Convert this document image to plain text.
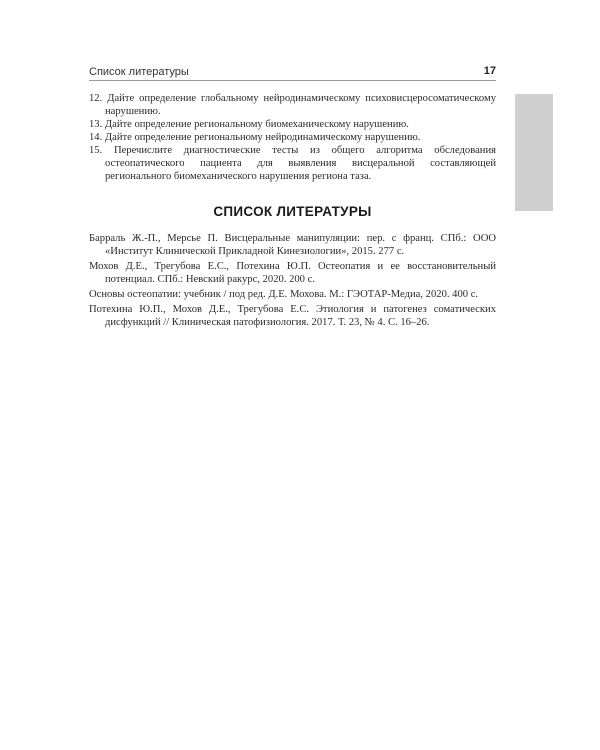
Список литературы	17

12. Дайте определение глобальному нейродинамическому психовисцеросоматическому нарушению.

13. Дайте определение региональному биомеханическому нарушению.

14. Дайте определение региональному нейродинамическому нарушению.

15. Перечислите диагностические тесты из общего алгоритма обследования остеопатического пациента для выявления висцеральной составляющей регионального биомеханического нарушения региона таза.

СПИСОК ЛИТЕРАТУРЫ

Барраль Ж.-П., Мерсье П. Висцеральные манипуляции: пер. с франц. СПб.: ООО «Институт Клинической Прикладной Кинезиологии», 2015. 277 с.

Мохов Д.Е., Трегубова Е.С., Потехина Ю.П. Остеопатия и ее восстановительный потенциал. СПб.: Невский ракурс, 2020. 200 с.

Основы остеопатии: учебник / под ред. Д.Е. Мохова. М.: ГЭОТАР-Медиа, 2020. 400 с.

Потехина Ю.П., Мохов Д.Е., Трегубова Е.С. Этиология и патогенез соматических дисфункций // Клиническая патофизиология. 2017. Т. 23, № 4. С. 16–26.
